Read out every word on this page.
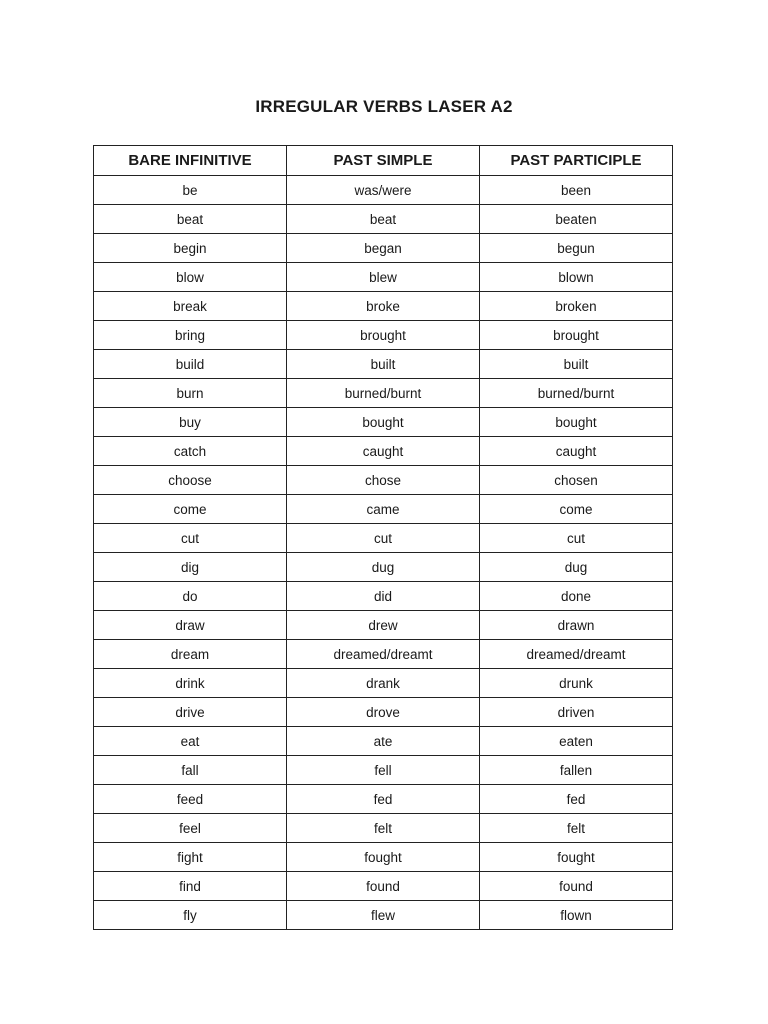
IRREGULAR VERBS LASER A2
BARE INFINITIVE	PAST SIMPLE	PAST PARTICIPLE
be	was/were	been
beat	beat	beaten
begin	began	begun
blow	blew	blown
break	broke	broken
bring	brought	brought
build	built	built
burn	burned/burnt	burned/burnt
buy	bought	bought
catch	caught	caught
choose	chose	chosen
come	came	come
cut	cut	cut
dig	dug	dug
do	did	done
draw	drew	drawn
dream	dreamed/dreamt	dreamed/dreamt
drink	drank	drunk
drive	drove	driven
eat	ate	eaten
fall	fell	fallen
feed	fed	fed
feel	felt	felt
fight	fought	fought
find	found	found
fly	flew	flown
